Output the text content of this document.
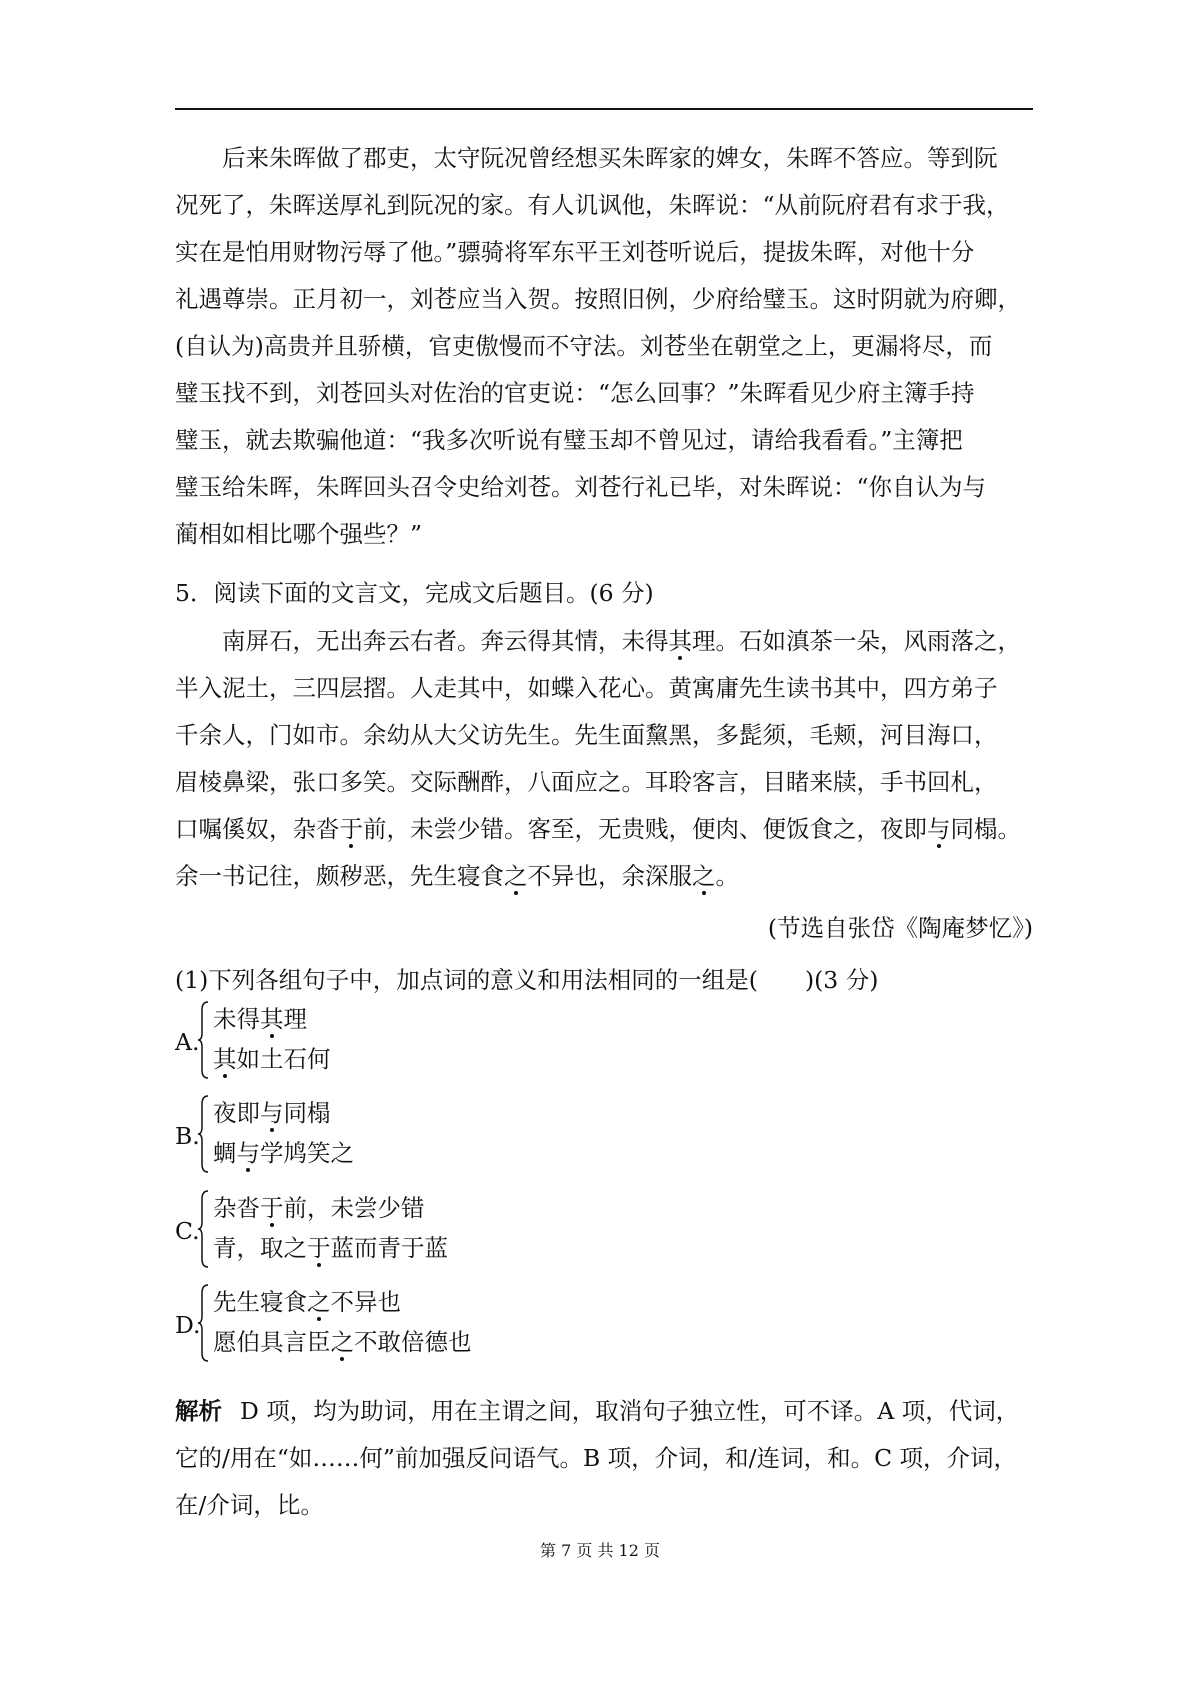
后来朱晖做了郡吏，太守阮况曾经想买朱晖家的婢女，朱晖不答应。等到阮

况死了，朱晖送厚礼到阮况的家。有人讥讽他，朱晖说：“从前阮府君有求于我，

实在是怕用财物污辱了他。”骠骑将军东平王刘苍听说后，提拔朱晖，对他十分

礼遇尊崇。正月初一，刘苍应当入贺。按照旧例，少府给璧玉。这时阴就为府卿，

(自认为)高贵并且骄横，官吏傲慢而不守法。刘苍坐在朝堂之上，更漏将尽，而

璧玉找不到，刘苍回头对佐治的官吏说：“怎么回事？”朱晖看见少府主簿手持

璧玉，就去欺骗他道：“我多次听说有璧玉却不曾见过，请给我看看。”主簿把

璧玉给朱晖，朱晖回头召令史给刘苍。刘苍行礼已毕，对朱晖说：“你自认为与

蔺相如相比哪个强些？”

5．阅读下面的文言文，完成文后题目。(6 分)

南屏石，无出奔云右者。奔云得其情，未得其理。石如滇茶一朵，风雨落之，

半入泥土，三四层摺。人走其中，如蝶入花心。黄寓庸先生读书其中，四方弟子

千余人，门如市。余幼从大父访先生。先生面黧黑，多髭须，毛颊，河目海口，

眉棱鼻梁，张口多笑。交际酬酢，八面应之。耳聆客言，目睹来牍，手书回札，

口嘱傒奴，杂沓于前，未尝少错。客至，无贵贱，便肉、便饭食之，夜即与同榻。

余一书记往，颇秽恶，先生寝食之不异也，余深服之。

(节选自张岱《陶庵梦忆》)
(1)下列各组句子中，加点词的意义和用法相同的一组是(　　)(3 分)
A.
未得其理
其如土石何
B.
夜即与同榻
蜩与学鸠笑之
C.
杂沓于前，未尝少错
青，取之于蓝而青于蓝
D.
先生寝食之不异也
愿伯具言臣之不敢倍德也

解析 D 项，均为助词，用在主谓之间，取消句子独立性，可不译。A 项，代词，

它的/用在“如……何”前加强反问语气。B 项，介词，和/连词，和。C 项，介词，

在/介词，比。

第 7 页 共 12 页
